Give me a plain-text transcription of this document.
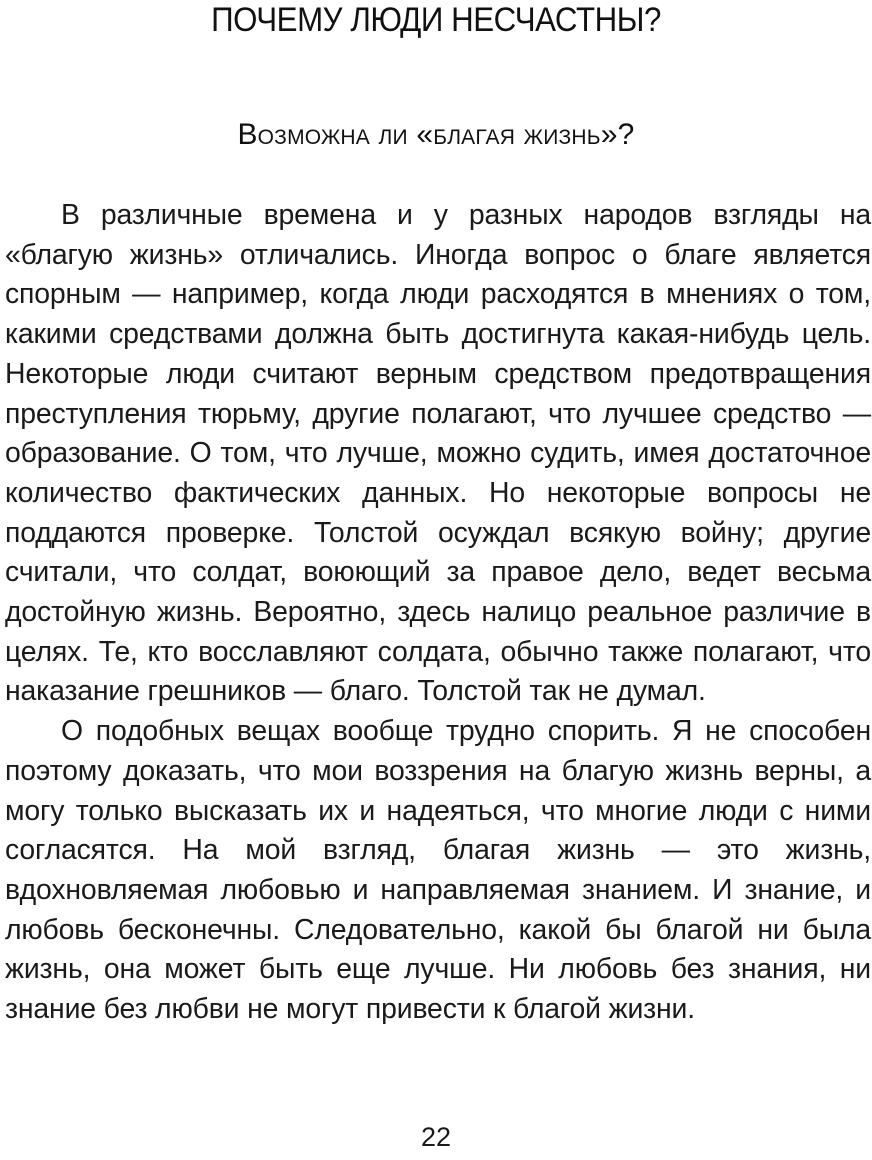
ПОЧЕМУ ЛЮДИ НЕСЧАСТНЫ?
Возможна ли «благая жизнь»?

В различные времена и у разных народов взгляды на «благую жизнь» отличались. Иногда вопрос о благе является спорным — например, когда люди расходятся в мнениях о том, какими средствами должна быть достигнута какая-нибудь цель. Некоторые люди считают верным средством предотвращения преступления тюрьму, другие полагают, что лучшее средство — образование. О том, что лучше, можно судить, имея достаточное количество фактических данных. Но некоторые вопросы не поддаются проверке. Толстой осуждал всякую войну; другие считали, что солдат, воюющий за правое дело, ведет весьма достойную жизнь. Вероятно, здесь налицо реальное различие в целях. Те, кто восславляют солдата, обычно также полагают, что наказание грешников — благо. Толстой так не думал.

О подобных вещах вообще трудно спорить. Я не способен поэтому доказать, что мои воззрения на благую жизнь верны, а могу только высказать их и надеяться, что многие люди с ними согласятся. На мой взгляд, благая жизнь — это жизнь, вдохновляемая любовью и направляемая знанием. И знание, и любовь бесконечны. Следовательно, какой бы благой ни была жизнь, она может быть еще лучше. Ни любовь без знания, ни знание без любви не могут привести к благой жизни.

22
